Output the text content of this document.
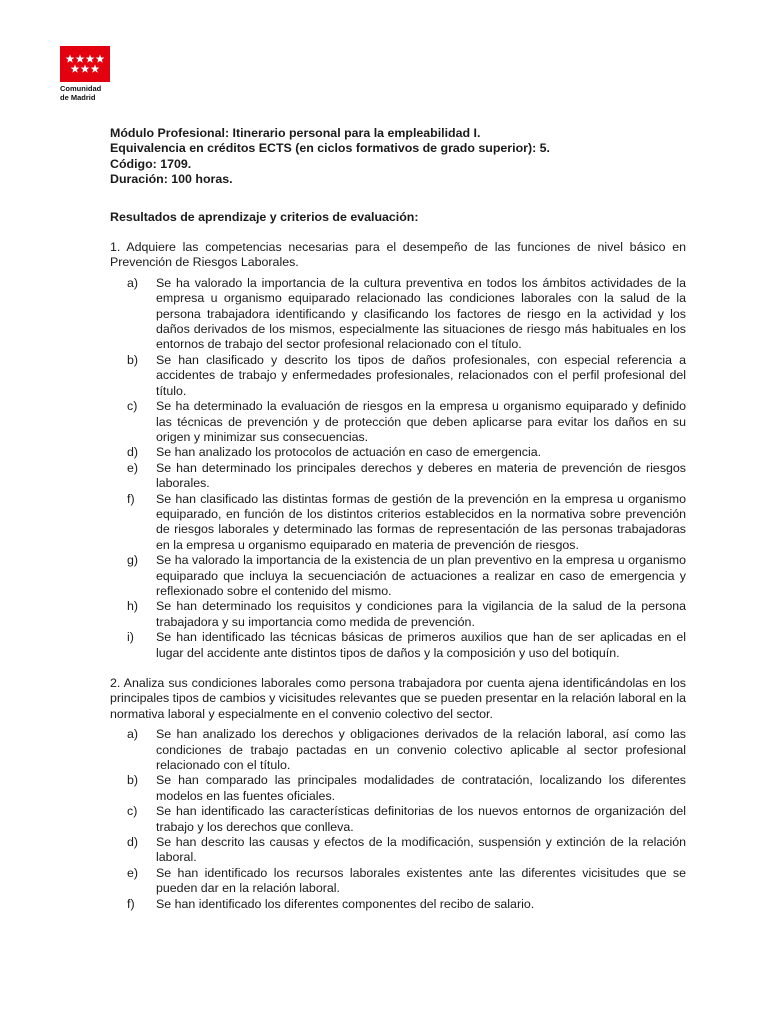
Comunidad
de Madrid
Módulo Profesional: Itinerario personal para la empleabilidad I.
Equivalencia en créditos ECTS (en ciclos formativos de grado superior): 5.
Código: 1709.
Duración: 100 horas.
Resultados de aprendizaje y criterios de evaluación:
1. Adquiere las competencias necesarias para el desempeño de las funciones de nivel básico en Prevención de Riesgos Laborales.
a)	Se ha valorado la importancia de la cultura preventiva en todos los ámbitos actividades de la empresa u organismo equiparado relacionado las condiciones laborales con la salud de la persona trabajadora identificando y clasificando los factores de riesgo en la actividad y los daños derivados de los mismos, especialmente las situaciones de riesgo más habituales en los entornos de trabajo del sector profesional relacionado con el título.
b)	Se han clasificado y descrito los tipos de daños profesionales, con especial referencia a accidentes de trabajo y enfermedades profesionales, relacionados con el perfil profesional del título.
c)	Se ha determinado la evaluación de riesgos en la empresa u organismo equiparado y definido las técnicas de prevención y de protección que deben aplicarse para evitar los daños en su origen y minimizar sus consecuencias.
d)	Se han analizado los protocolos de actuación en caso de emergencia.
e)	Se han determinado los principales derechos y deberes en materia de prevención de riesgos laborales.
f)	Se han clasificado las distintas formas de gestión de la prevención en la empresa u organismo equiparado, en función de los distintos criterios establecidos en la normativa sobre prevención de riesgos laborales y determinado las formas de representación de las personas trabajadoras en la empresa u organismo equiparado en materia de prevención de riesgos.
g)	Se ha valorado la importancia de la existencia de un plan preventivo en la empresa u organismo equiparado que incluya la secuenciación de actuaciones a realizar en caso de emergencia y reflexionado sobre el contenido del mismo.
h)	Se han determinado los requisitos y condiciones para la vigilancia de la salud de la persona trabajadora y su importancia como medida de prevención.
i)	Se han identificado las técnicas básicas de primeros auxilios que han de ser aplicadas en el lugar del accidente ante distintos tipos de daños y la composición y uso del botiquín.
2. Analiza sus condiciones laborales como persona trabajadora por cuenta ajena identificándolas en los principales tipos de cambios y vicisitudes relevantes que se pueden presentar en la relación laboral en la normativa laboral y especialmente en el convenio colectivo del sector.
a)	Se han analizado los derechos y obligaciones derivados de la relación laboral, así como las condiciones de trabajo pactadas en un convenio colectivo aplicable al sector profesional relacionado con el título.
b)	Se han comparado las principales modalidades de contratación, localizando los diferentes modelos en las fuentes oficiales.
c)	Se han identificado las características definitorias de los nuevos entornos de organización del trabajo y los derechos que conlleva.
d)	Se han descrito las causas y efectos de la modificación, suspensión y extinción de la relación laboral.
e)	Se han identificado los recursos laborales existentes ante las diferentes vicisitudes que se pueden dar en la relación laboral.
f)	Se han identificado los diferentes componentes del recibo de salario.
